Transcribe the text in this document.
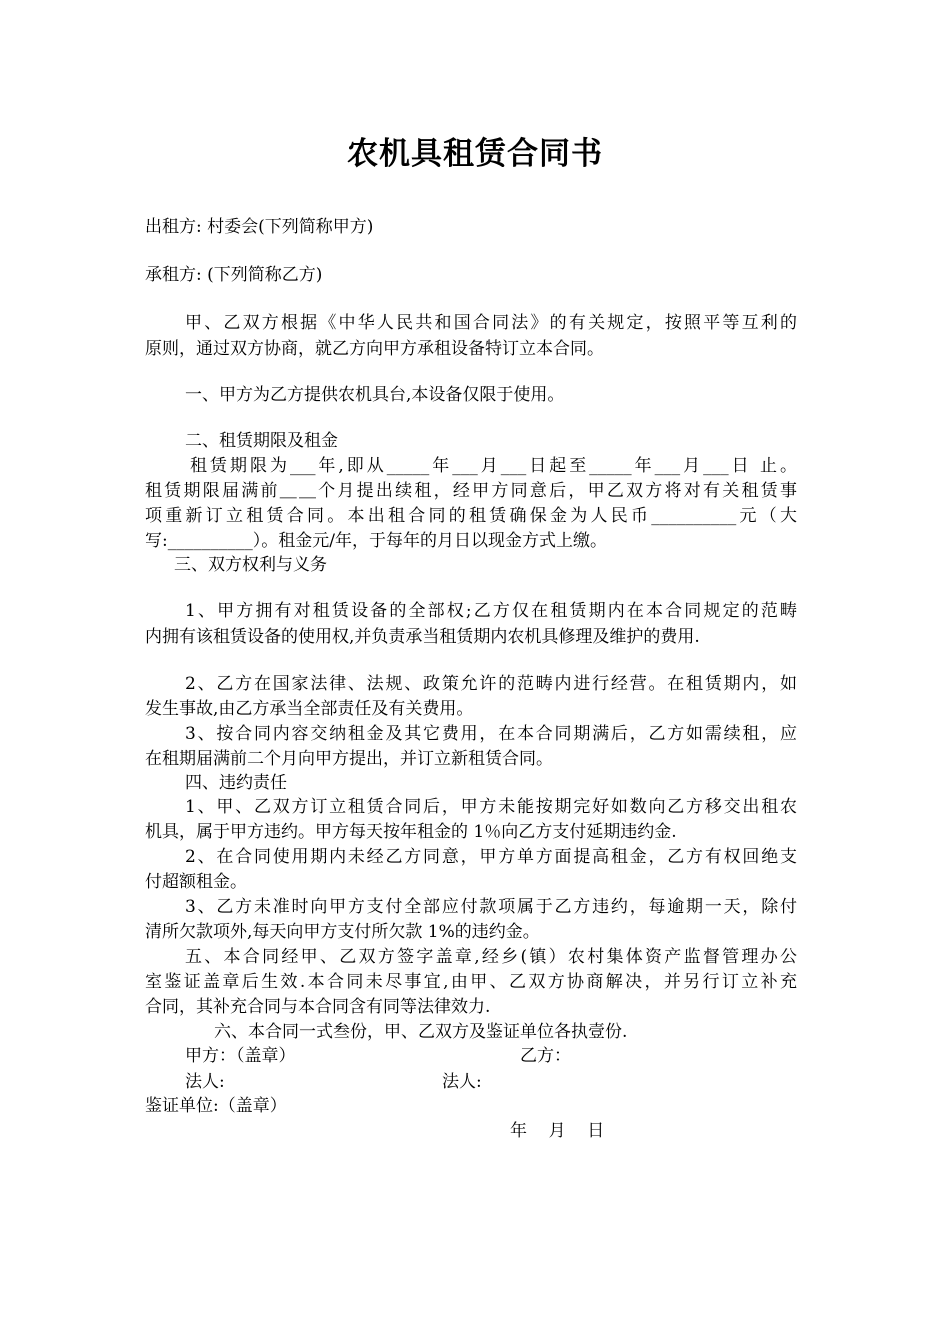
农机具租赁合同书
出租方: 村委会(下列简称甲方)
承租方: (下列简称乙方)
甲、乙双方根据《中华人民共和国合同法》的有关规定，按照平等互利的
原则，通过双方协商，就乙方向甲方承租设备特订立本合同。
一、甲方为乙方提供农机具台,本设备仅限于使用。
二、租赁期限及租金
租赁期限为___年,即从_____年___月___日起至_____年___月___日 止。
租赁期限届满前＿＿个月提出续租，经甲方同意后，甲乙双方将对有关租赁事
项重新订立租赁合同。本出租合同的租赁确保金为人民币__________元（大
写:__________）。租金元/年，于每年的月日以现金方式上缴。
三、双方权利与义务
1、甲方拥有对租赁设备的全部权;乙方仅在租赁期内在本合同规定的范畴
内拥有该租赁设备的使用权,并负责承当租赁期内农机具修理及维护的费用.
2、乙方在国家法律、法规、政策允许的范畴内进行经营。在租赁期内，如
发生事故,由乙方承当全部责任及有关费用。
3、按合同内容交纳租金及其它费用，在本合同期满后，乙方如需续租，应
在租期届满前二个月向甲方提出，并订立新租赁合同。
四、违约责任
1、甲、乙双方订立租赁合同后，甲方未能按期完好如数向乙方移交出租农
机具，属于甲方违约。甲方每天按年租金的 1％向乙方支付延期违约金.
2、在合同使用期内未经乙方同意，甲方单方面提高租金，乙方有权回绝支
付超额租金。
3、乙方未准时向甲方支付全部应付款项属于乙方违约，每逾期一天，除付
清所欠款项外,每天向甲方支付所欠款 1%的违约金。
五、本合同经甲、乙双方签字盖章,经乡(镇）农村集体资产监督管理办公
室鉴证盖章后生效.本合同未尽事宜,由甲、乙双方协商解决，并另行订立补充
合同，其补充合同与本合同含有同等法律效力.
六、本合同一式叁份，甲、乙双方及鉴证单位各执壹份.
甲方：（盖章）	乙方：
法人:	法人:
鉴证单位:（盖章）
年    月    日
